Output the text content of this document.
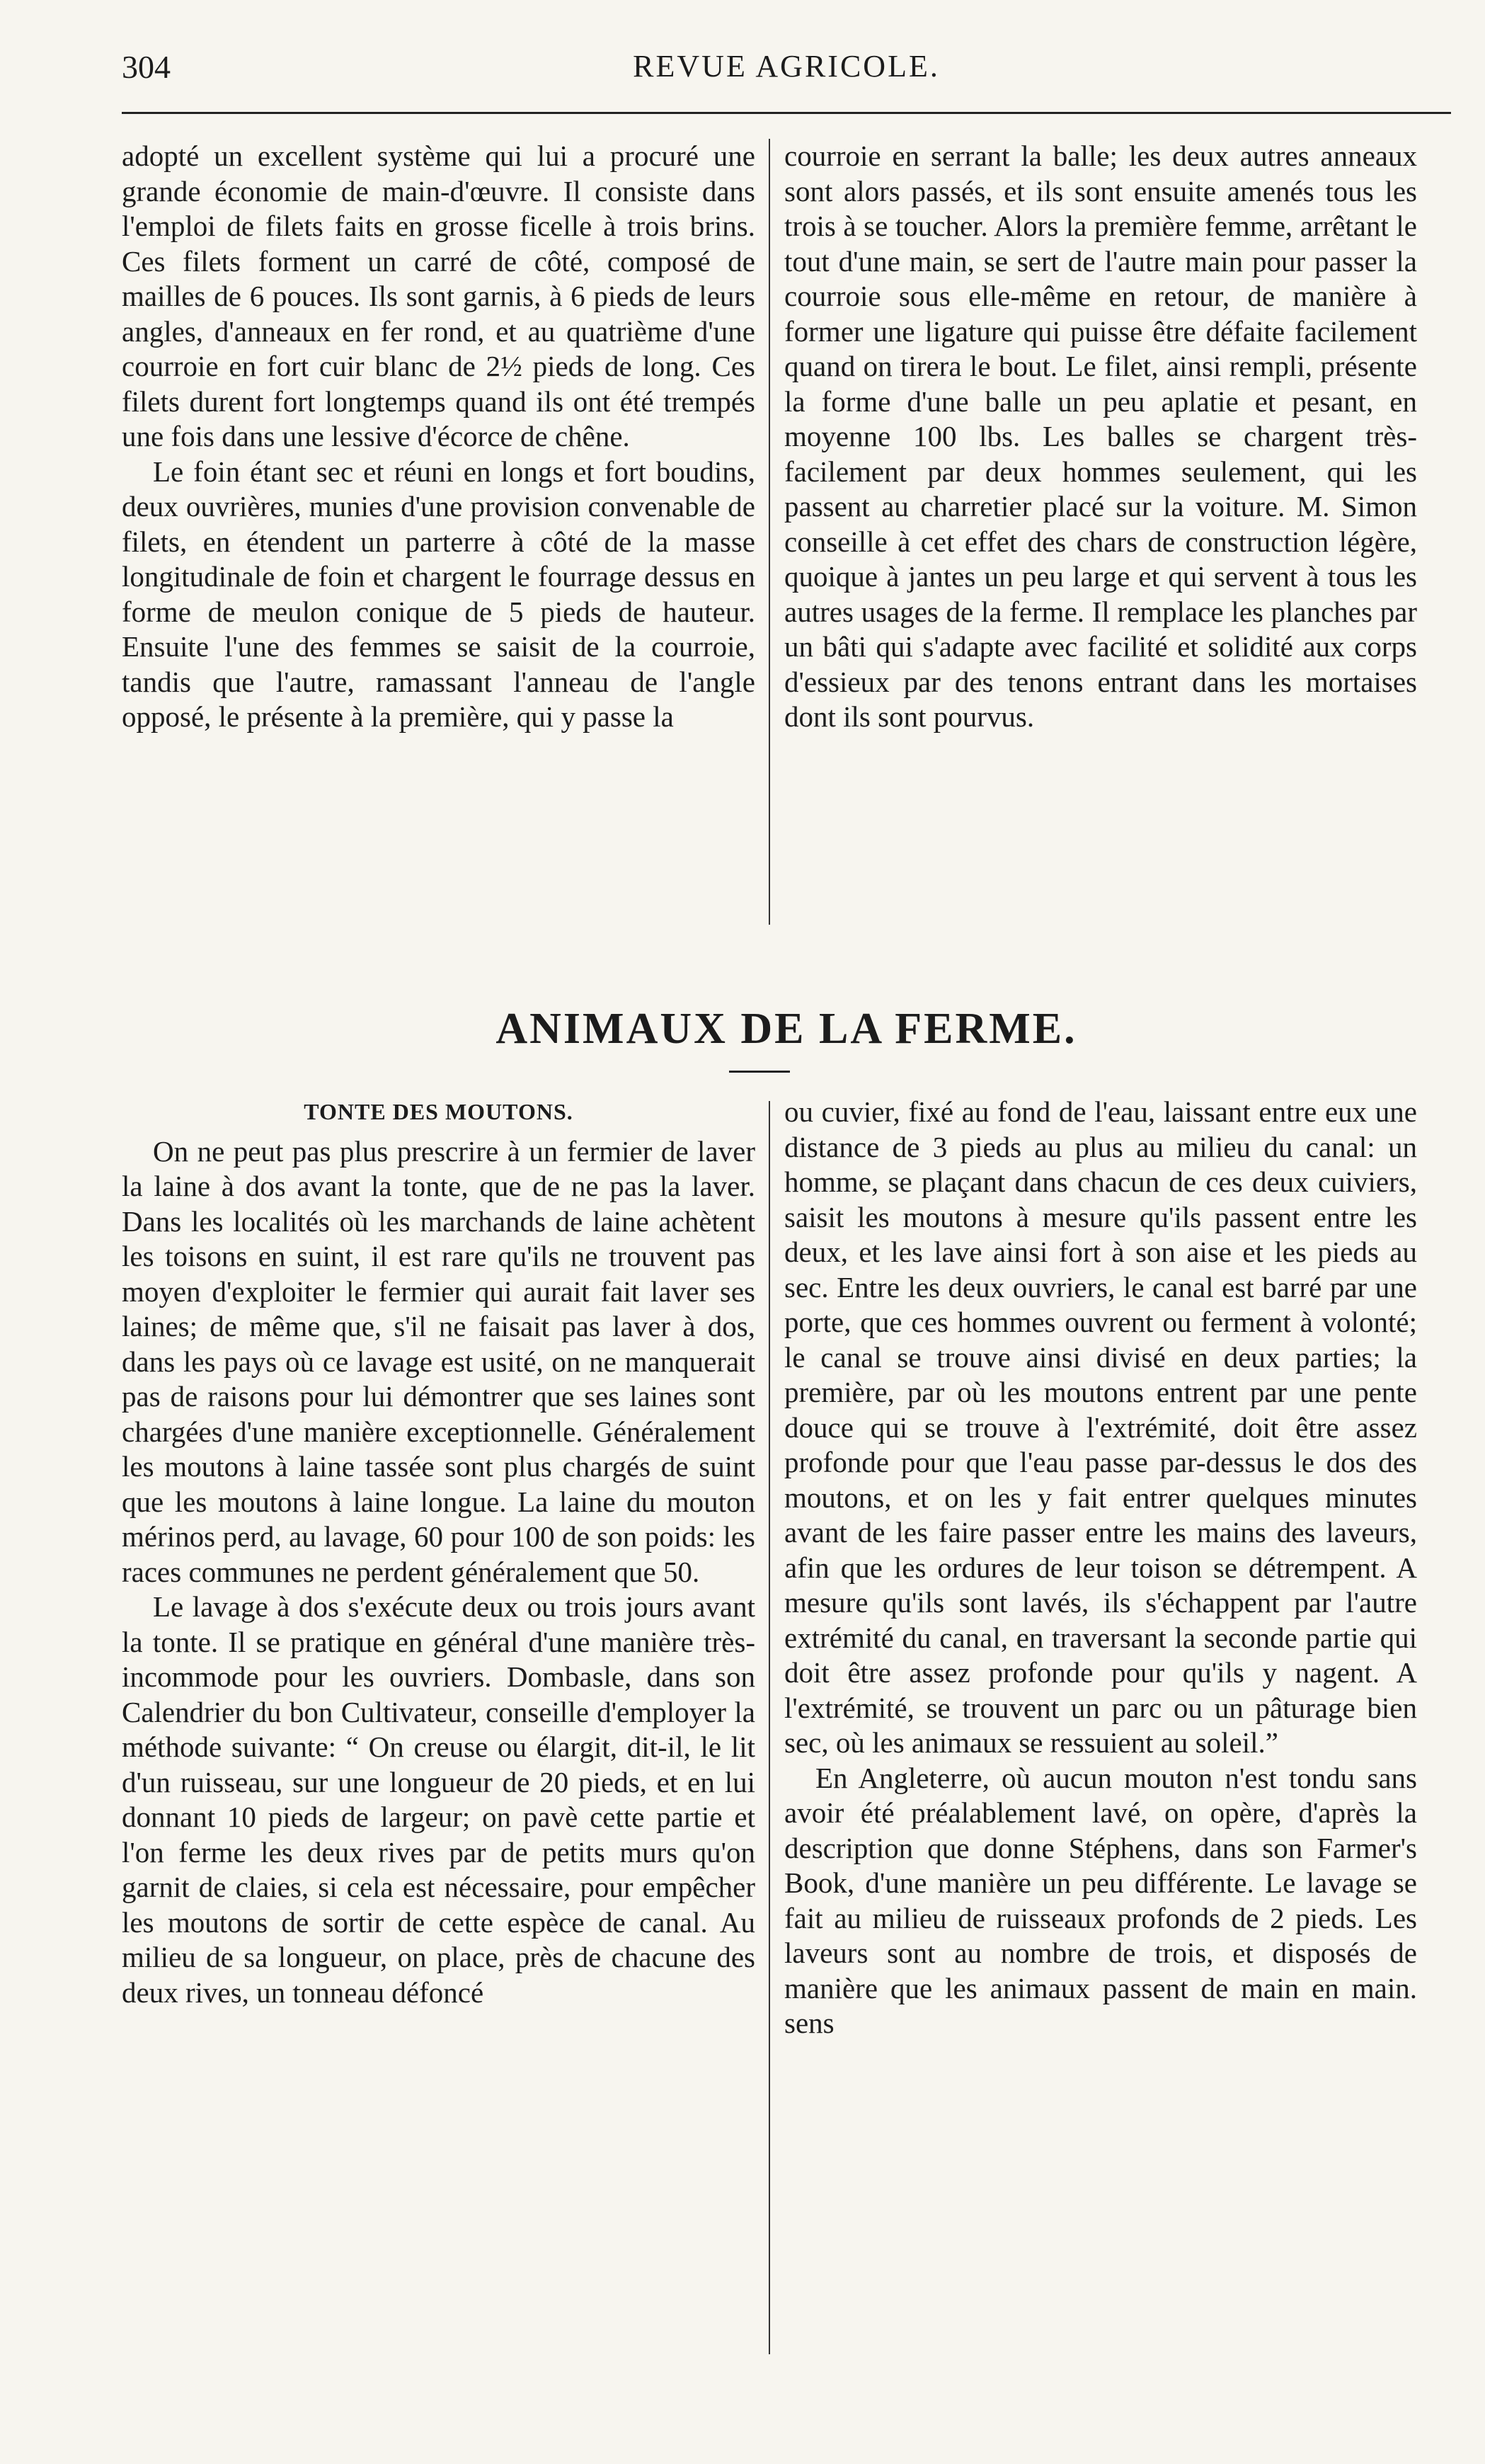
304	REVUE AGRICOLE.

adopté un excellent système qui lui a procuré une grande économie de main-d'œuvre. Il consiste dans l'emploi de filets faits en grosse ficelle à trois brins. Ces filets forment un carré de côté, composé de mailles de 6 pouces. Ils sont garnis, à 6 pieds de leurs angles, d'anneaux en fer rond, et au quatrième d'une courroie en fort cuir blanc de 2½ pieds de long. Ces filets durent fort longtemps quand ils ont été trempés une fois dans une lessive d'écorce de chêne.

Le foin étant sec et réuni en longs et fort boudins, deux ouvrières, munies d'une provision convenable de filets, en étendent un parterre à côté de la masse longitudinale de foin et chargent le fourrage dessus en forme de meulon conique de 5 pieds de hauteur. Ensuite l'une des femmes se saisit de la courroie, tandis que l'autre, ramassant l'anneau de l'angle opposé, le présente à la première, qui y passe la

courroie en serrant la balle; les deux autres anneaux sont alors passés, et ils sont ensuite amenés tous les trois à se toucher. Alors la première femme, arrêtant le tout d'une main, se sert de l'autre main pour passer la courroie sous elle-même en retour, de manière à former une ligature qui puisse être défaite facilement quand on tirera le bout. Le filet, ainsi rempli, présente la forme d'une balle un peu aplatie et pesant, en moyenne 100 lbs. Les balles se chargent très-facilement par deux hommes seulement, qui les passent au charretier placé sur la voiture. M. Simon conseille à cet effet des chars de construction légère, quoique à jantes un peu large et qui servent à tous les autres usages de la ferme. Il remplace les planches par un bâti qui s'adapte avec facilité et solidité aux corps d'essieux par des tenons entrant dans les mortaises dont ils sont pourvus.

ANIMAUX DE LA FERME.
TONTE DES MOUTONS.

On ne peut pas plus prescrire à un fermier de laver la laine à dos avant la tonte, que de ne pas la laver. Dans les localités où les marchands de laine achètent les toisons en suint, il est rare qu'ils ne trouvent pas moyen d'exploiter le fermier qui aurait fait laver ses laines; de même que, s'il ne faisait pas laver à dos, dans les pays où ce lavage est usité, on ne manquerait pas de raisons pour lui démontrer que ses laines sont chargées d'une manière exceptionnelle. Généralement les moutons à laine tassée sont plus chargés de suint que les moutons à laine longue. La laine du mouton mérinos perd, au lavage, 60 pour 100 de son poids: les races communes ne perdent généralement que 50.

Le lavage à dos s'exécute deux ou trois jours avant la tonte. Il se pratique en général d'une manière très-incommode pour les ouvriers. Dombasle, dans son Calendrier du bon Cultivateur, conseille d'employer la méthode suivante: “ On creuse ou élargit, dit-il, le lit d'un ruisseau, sur une longueur de 20 pieds, et en lui donnant 10 pieds de largeur; on pavè cette partie et l'on ferme les deux rives par de petits murs qu'on garnit de claies, si cela est nécessaire, pour empêcher les moutons de sortir de cette espèce de canal. Au milieu de sa longueur, on place, près de chacune des deux rives, un tonneau défoncé

ou cuvier, fixé au fond de l'eau, laissant entre eux une distance de 3 pieds au plus au milieu du canal: un homme, se plaçant dans chacun de ces deux cuiviers, saisit les moutons à mesure qu'ils passent entre les deux, et les lave ainsi fort à son aise et les pieds au sec. Entre les deux ouvriers, le canal est barré par une porte, que ces hommes ouvrent ou ferment à volonté; le canal se trouve ainsi divisé en deux parties; la première, par où les moutons entrent par une pente douce qui se trouve à l'extrémité, doit être assez profonde pour que l'eau passe par-dessus le dos des moutons, et on les y fait entrer quelques minutes avant de les faire passer entre les mains des laveurs, afin que les ordures de leur toison se détrempent. A mesure qu'ils sont lavés, ils s'échappent par l'autre extrémité du canal, en traversant la seconde partie qui doit être assez profonde pour qu'ils y nagent. A l'extrémité, se trouvent un parc ou un pâturage bien sec, où les animaux se ressuient au soleil.”

En Angleterre, où aucun mouton n'est tondu sans avoir été préalablement lavé, on opère, d'après la description que donne Stéphens, dans son Farmer's Book, d'une manière un peu différente. Le lavage se fait au milieu de ruisseaux profonds de 2 pieds. Les laveurs sont au nombre de trois, et disposés de manière que les animaux passent de main en main. sens
